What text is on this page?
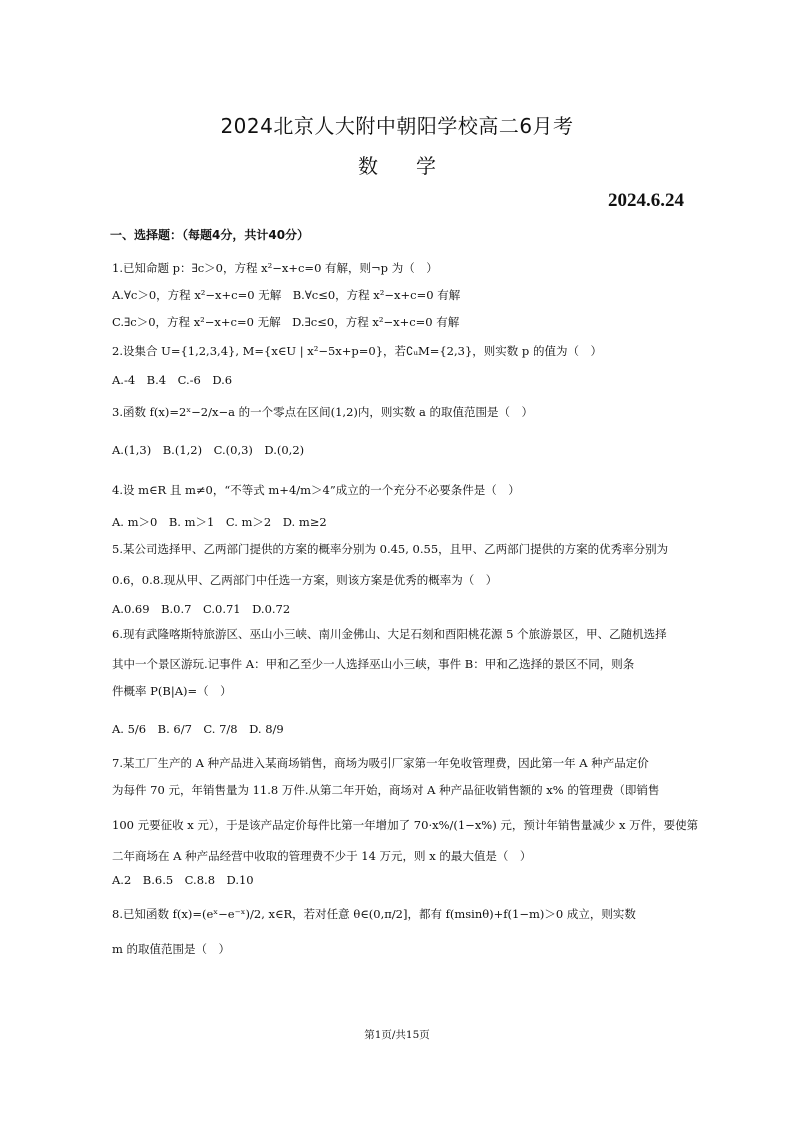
2024北京人大附中朝阳学校高二6月考
数学
2024.6.24
一、选择题：（每题4分，共计40分）
1.已知命题 p：∃c＞0，方程 x²−x+c=0 有解，则¬p 为（　）
A.∀c＞0，方程 x²−x+c=0 无解　B.∀c≤0，方程 x²−x+c=0 有解
C.∃c＞0，方程 x²−x+c=0 无解　D.∃c≤0，方程 x²−x+c=0 有解
2.设集合 U={1,2,3,4}, M={x∈U | x²−5x+p=0}，若∁ᵤM={2,3}，则实数 p 的值为（　）
A.-4　B.4　C.-6　D.6
3.函数 f(x)=2ˣ−2/x−a 的一个零点在区间(1,2)内，则实数 a 的取值范围是（　）
A.(1,3)　B.(1,2)　C.(0,3)　D.(0,2)
4.设 m∈R 且 m≠0，“不等式 m+4/m＞4”成立的一个充分不必要条件是（　）
A. m＞0　B. m＞1　C. m＞2　D. m≥2
5.某公司选择甲、乙两部门提供的方案的概率分别为 0.45, 0.55，且甲、乙两部门提供的方案的优秀率分别为
0.6，0.8.现从甲、乙两部门中任选一方案，则该方案是优秀的概率为（　）
A.0.69　B.0.7　C.0.71　D.0.72
6.现有武隆喀斯特旅游区、巫山小三峡、南川金佛山、大足石刻和酉阳桃花源 5 个旅游景区，甲、乙随机选择
其中一个景区游玩.记事件 A：甲和乙至少一人选择巫山小三峡，事件 B：甲和乙选择的景区不同，则条
件概率 P(B|A)=（　）
A. 5/6　B. 6/7　C. 7/8　D. 8/9
7.某工厂生产的 A 种产品进入某商场销售，商场为吸引厂家第一年免收管理费，因此第一年 A 种产品定价
为每件 70 元，年销售量为 11.8 万件.从第二年开始，商场对 A 种产品征收销售额的 x% 的管理费（即销售
100 元要征收 x 元），于是该产品定价每件比第一年增加了 70·x%/(1−x%) 元，预计年销售量减少 x 万件，要使第
二年商场在 A 种产品经营中收取的管理费不少于 14 万元，则 x 的最大值是（　）
A.2　B.6.5　C.8.8　D.10
8.已知函数 f(x)=(eˣ−e⁻ˣ)/2, x∈R，若对任意 θ∈(0,π/2]，都有 f(msinθ)+f(1−m)＞0 成立，则实数
m 的取值范围是（　）
第1页/共15页
